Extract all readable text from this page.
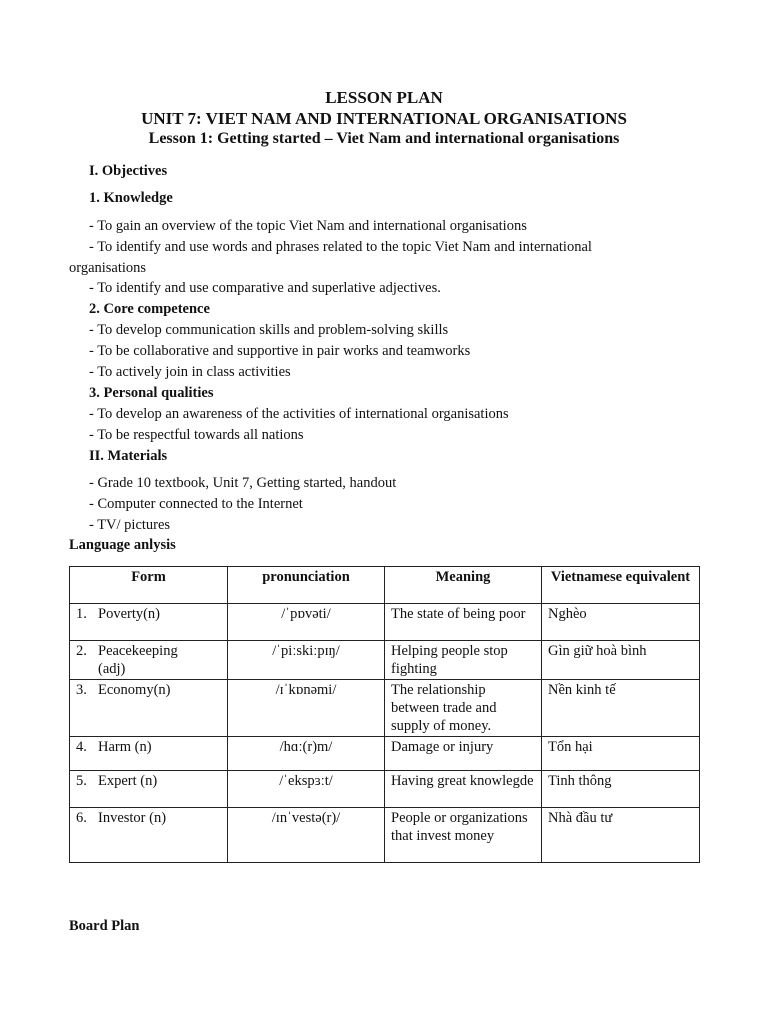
LESSON PLAN
UNIT 7: VIET NAM AND INTERNATIONAL ORGANISATIONS
Lesson 1: Getting started – Viet Nam and international organisations
I. Objectives
1. Knowledge
- To gain an overview of the topic Viet Nam and international organisations
- To identify and use words and phrases related to the topic Viet Nam and international
organisations
- To identify and use comparative and superlative adjectives.
2. Core competence
- To develop communication skills and problem-solving skills
- To be collaborative and supportive in pair works and teamworks
- To actively join in class activities
3. Personal qualities
- To develop an awareness of the activities of international organisations
- To be respectful towards all nations
II. Materials
- Grade 10 textbook, Unit 7, Getting started, handout
- Computer connected to the Internet
- TV/ pictures
Language anlysis
Form	pronunciation	Meaning	Vietnamese equivalent
1. Poverty(n)	/ˈpɒvəti/	The state of being poor	Nghèo
2. Peacekeeping
(adj)	/ˈpiːskiːpɪŋ/	Helping people stop fighting	Gìn giữ hoà bình
3. Economy(n)	/ɪˈkɒnəmi/	The relationship between trade and supply of money.	Nền kinh tế
4. Harm (n)	/hɑː(r)m/	Damage or injury	Tổn hại
5. Expert (n)	/ˈekspɜːt/	Having great knowlegde	Tinh thông
6. Investor (n)	/ɪnˈvestə(r)/	People or organizations that invest money	Nhà đầu tư
Board Plan
